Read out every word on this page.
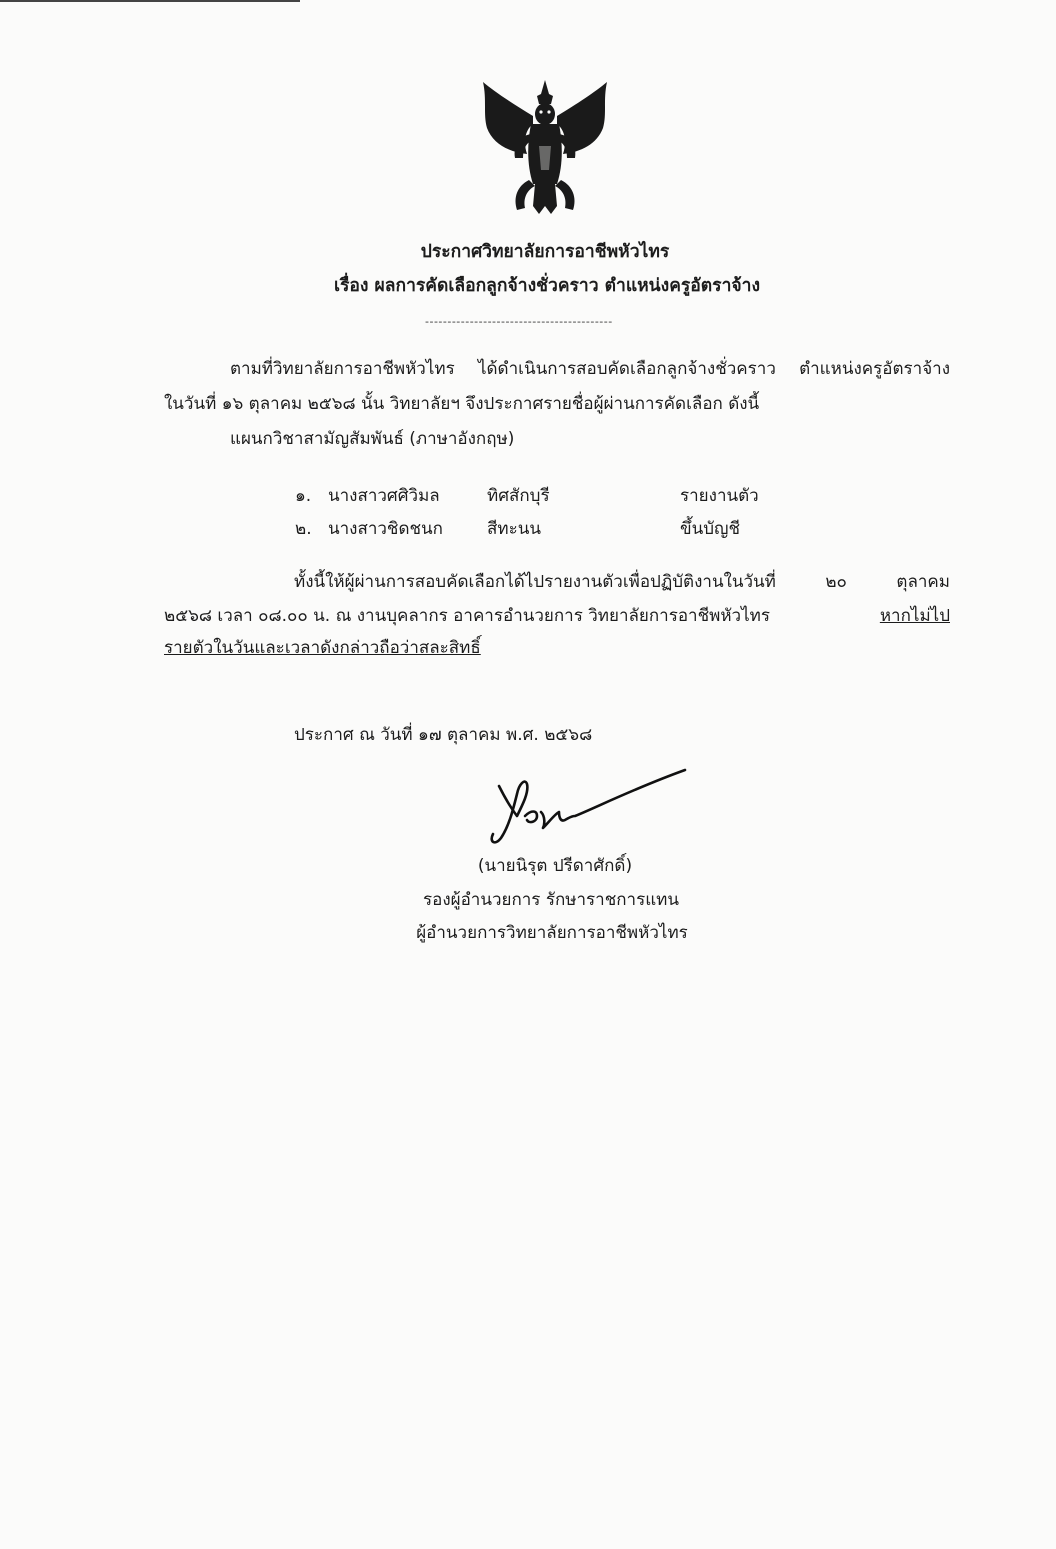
ประกาศวิทยาลัยการอาชีพหัวไทร
เรื่อง ผลการคัดเลือกลูกจ้างชั่วคราว ตำแหน่งครูอัตราจ้าง
------------------------------------------
ตามที่วิทยาลัยการอาชีพหัวไทร ได้ดำเนินการสอบคัดเลือกลูกจ้างชั่วคราว ตำแหน่งครูอัตราจ้าง
ในวันที่ ๑๖ ตุลาคม ๒๕๖๘ นั้น วิทยาลัยฯ จึงประกาศรายชื่อผู้ผ่านการคัดเลือก ดังนี้
แผนกวิชาสามัญสัมพันธ์ (ภาษาอังกฤษ)
๑. นางสาวศศิวิมล	ทิศสักบุรี	รายงานตัว
๒. นางสาวชิดชนก	สีทะนน	ขึ้นบัญชี
ทั้งนี้ให้ผู้ผ่านการสอบคัดเลือกได้ไปรายงานตัวเพื่อปฏิบัติงานในวันที่ ๒๐ ตุลาคม
๒๕๖๘ เวลา ๐๘.๐๐ น. ณ งานบุคลากร อาคารอำนวยการ วิทยาลัยการอาชีพหัวไทร	หากไม่ไป
รายตัวในวันและเวลาดังกล่าวถือว่าสละสิทธิ์
ประกาศ ณ วันที่ ๑๗ ตุลาคม พ.ศ. ๒๕๖๘
(นายนิรุต ปรีดาศักดิ์)
รองผู้อำนวยการ รักษาราชการแทน
ผู้อำนวยการวิทยาลัยการอาชีพหัวไทร
